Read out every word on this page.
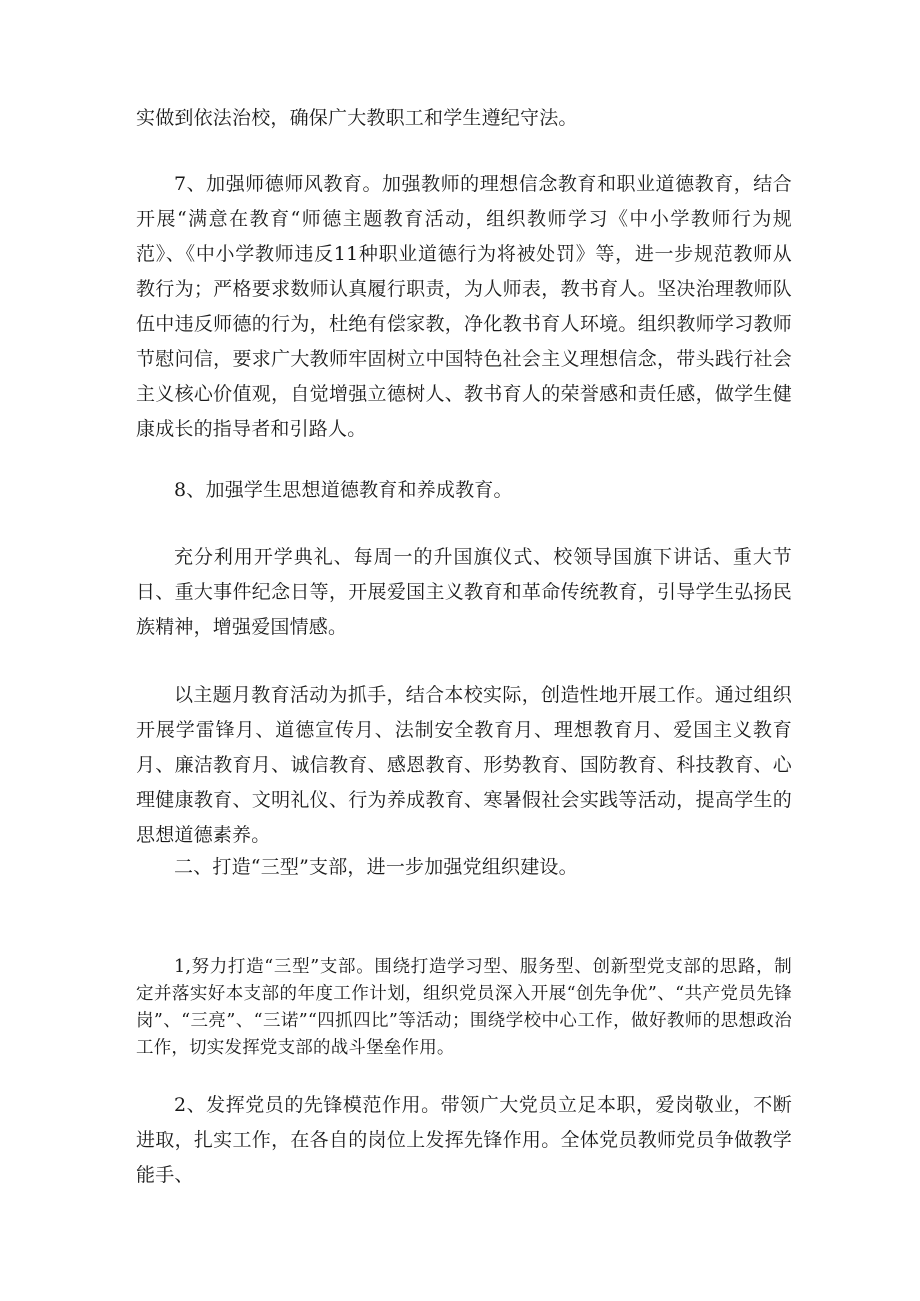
实做到依法治校，确保广大教职工和学生遵纪守法。

7、加强师德师风教育。加强教师的理想信念教育和职业道德教育，结合开展“满意在教育“师德主题教育活动，组织教师学习《中小学教师行为规范》、《中小学教师违反11种职业道德行为将被处罚》等，进一步规范教师从教行为；严格要求数师认真履行职责，为人师表，教书育人。坚决治理教师队伍中违反师德的行为，杜绝有偿家教，净化教书育人环境。组织教师学习教师节慰问信，要求广大教师牢固树立中国特色社会主义理想信念，带头践行社会主义核心价值观，自觉增强立德树人、教书育人的荣誉感和责任感，做学生健康成长的指导者和引路人。

8、加强学生思想道德教育和养成教育。

充分利用开学典礼、每周一的升国旗仪式、校领导国旗下讲话、重大节日、重大事件纪念日等，开展爱国主义教育和革命传统教育，引导学生弘扬民族精神，增强爱国情感。

以主题月教育活动为抓手，结合本校实际，创造性地开展工作。通过组织开展学雷锋月、道德宣传月、法制安全教育月、理想教育月、爱国主义教育月、廉洁教育月、诚信教育、感恩教育、形势教育、国防教育、科技教育、心理健康教育、文明礼仪、行为养成教育、寒暑假社会实践等活动，提高学生的思想道德素养。

二、打造“三型”支部，进一步加强党组织建设。

1,努力打造“三型”支部。围绕打造学习型、服务型、创新型党支部的思路，制定并落实好本支部的年度工作计划，组织党员深入开展“创先争优”、“共产党员先锋岗”、“三亮”、“三诺”“四抓四比”等活动；围绕学校中心工作，做好教师的思想政治工作，切实发挥党支部的战斗堡垒作用。

2、发挥党员的先锋模范作用。带领广大党员立足本职，爱岗敬业，不断进取，扎实工作，在各自的岗位上发挥先锋作用。全体党员教师党员争做教学能手、
